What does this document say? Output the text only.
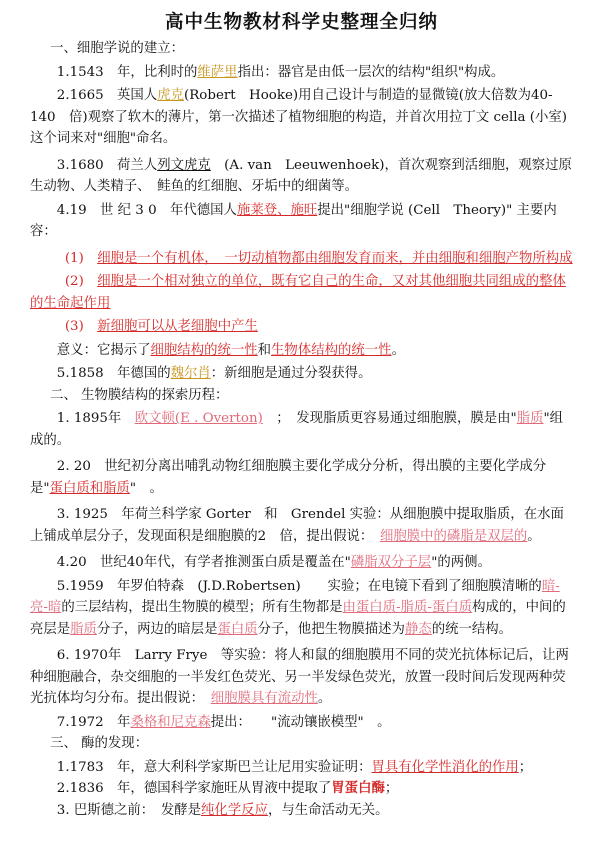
高中生物教材科学史整理全归纳

一、细胞学说的建立：

1.1543　年，比利时的维萨里指出：器官是由低一层次的结构"组织"构成。

2.1665　英国人虎克(Robert　Hooke)用自己设计与制造的显微镜(放大倍数为40-140　倍)观察了软木的薄片，第一次描述了植物细胞的构造，并首次用拉丁文 cella (小室)这个词来对"细胞"命名。

3.1680　荷兰人列文虎克　(A. van　Leeuwenhoek)，首次观察到活细胞，观察过原生动物、人类精子、　鲑鱼的红细胞、牙垢中的细菌等。

4.19　世 纪 3 0　年代德国人施莱登、施旺提出"细胞学说 (Cell　Theory)" 主要内容：

(1)　细胞是一个有机体，　一切动植物都由细胞发育而来，并由细胞和细胞产物所构成

(2)　细胞是一个相对独立的单位，既有它自己的生命，又对其他细胞共同组成的整体的生命起作用

(3)　新细胞可以从老细胞中产生

意义：它揭示了细胞结构的统一性和生物体结构的统一性。

5.1858　年德国的魏尔肖：新细胞是通过分裂获得。

二、 生物膜结构的探索历程：

1. 1895年　欧文顿(E . Overton)　；　发现脂质更容易通过细胞膜，膜是由"脂质"组成的。

2. 20　世纪初分离出哺乳动物红细胞膜主要化学成分分析，得出膜的主要化学成分是"蛋白质和脂质"　。

3. 1925　年荷兰科学家 Gorter　和　Grendel 实验：从细胞膜中提取脂质，在水面上铺成单层分子，发现面积是细胞膜的2　倍，提出假说：　细胞膜中的磷脂是双层的。

4.20　世纪40年代，有学者推测蛋白质是覆盖在"磷脂双分子层"的两侧。

5.1959　年罗伯特森　(J.D.Robertsen)　　实验；在电镜下看到了细胞膜清晰的暗-亮-暗的三层结构，提出生物膜的模型；所有生物都是由蛋白质-脂质-蛋白质构成的，中间的亮层是脂质分子，两边的暗层是蛋白质分子，他把生物膜描述为静态的统一结构。

6. 1970年　Larry Frye　等实验：将人和鼠的细胞膜用不同的荧光抗体标记后，让两种细胞融合，杂交细胞的一半发红色荧光、另一半发绿色荧光，放置一段时间后发现两种荧光抗体均匀分布。提出假说：　细胞膜具有流动性。

7.1972　年桑格和尼克森提出：　　"流动镶嵌模型"　。

三、 酶的发现：

1.1783　年，意大利科学家斯巴兰让尼用实验证明：胃具有化学性消化的作用；

2.1836　年，德国科学家施旺从胃液中提取了胃蛋白酶；

3. 巴斯德之前：　发酵是纯化学反应，与生命活动无关。
